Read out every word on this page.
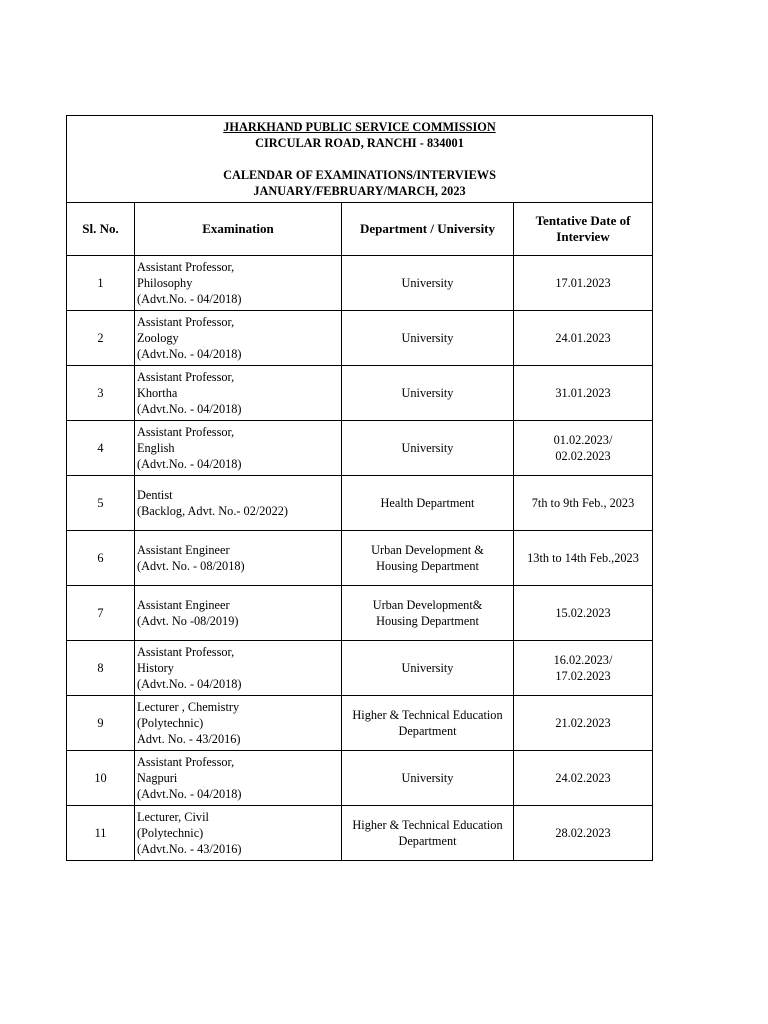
JHARKHAND PUBLIC SERVICE COMMISSION
CIRCULAR ROAD, RANCHI - 834001
CALENDAR OF EXAMINATIONS/INTERVIEWS
JANUARY/FEBRUARY/MARCH, 2023			

Sl. No.	Examination	Department / University	Tentative Date of
Interview

1	Assistant Professor,
Philosophy
(Advt.No. - 04/2018)	University	17.01.2023

2	Assistant Professor,
Zoology
(Advt.No. - 04/2018)	University	24.01.2023

3	Assistant Professor,
Khortha
(Advt.No. - 04/2018)	University	31.01.2023

4	Assistant Professor,
English
(Advt.No. - 04/2018)	University	01.02.2023/
02.02.2023

5	Dentist
(Backlog, Advt. No.- 02/2022)	Health Department	7th to 9th Feb., 2023

6	Assistant Engineer
(Advt. No. - 08/2018)	Urban Development &
Housing Department	13th to 14th Feb.,2023

7	Assistant Engineer
(Advt. No -08/2019)	Urban Development&
Housing Department	15.02.2023

8	Assistant Professor,
History
(Advt.No. - 04/2018)	University	16.02.2023/
17.02.2023

9	Lecturer , Chemistry
(Polytechnic)
Advt. No. - 43/2016)	Higher & Technical Education
Department	21.02.2023

10	Assistant Professor,
Nagpuri
(Advt.No. - 04/2018)	University	24.02.2023

11	Lecturer, Civil
(Polytechnic)
(Advt.No. - 43/2016)	Higher & Technical Education
Department	28.02.2023
